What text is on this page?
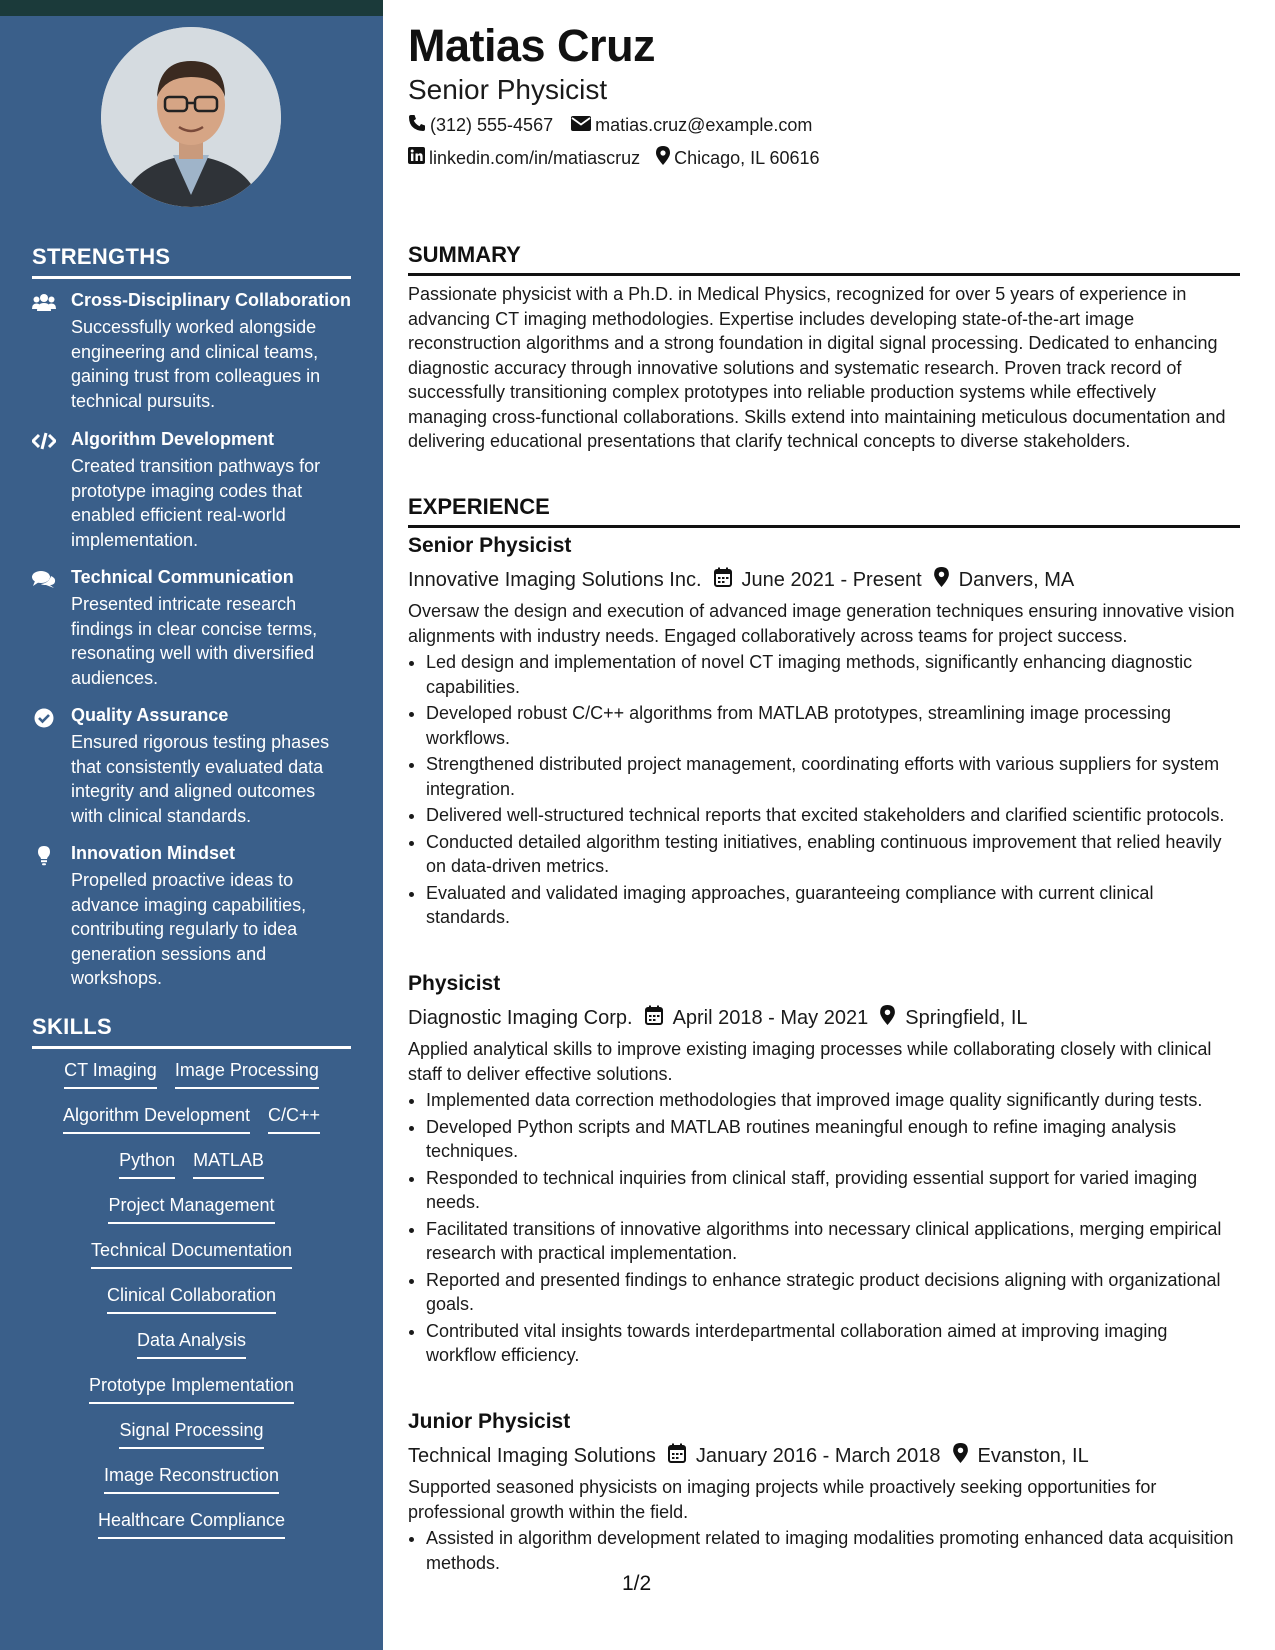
STRENGTHS
Cross-Disciplinary Collaboration
Successfully worked alongside engineering and clinical teams, gaining trust from colleagues in technical pursuits.
Algorithm Development
Created transition pathways for prototype imaging codes that enabled efficient real-world implementation.
Technical Communication
Presented intricate research findings in clear concise terms, resonating well with diversified audiences.
Quality Assurance
Ensured rigorous testing phases that consistently evaluated data integrity and aligned outcomes with clinical standards.
Innovation Mindset
Propelled proactive ideas to advance imaging capabilities, contributing regularly to idea generation sessions and workshops.
SKILLS
CT Imaging Image Processing
Algorithm Development C/C++
Python MATLAB
Project Management
Technical Documentation
Clinical Collaboration
Data Analysis
Prototype Implementation
Signal Processing
Image Reconstruction
Healthcare Compliance
Matias Cruz
Senior Physicist
(312) 555-4567 matias.cruz@example.com
linkedin.com/in/matiascruz Chicago, IL 60616
SUMMARY
Passionate physicist with a Ph.D. in Medical Physics, recognized for over 5 years of experience in advancing CT imaging methodologies. Expertise includes developing state-of-the-art image reconstruction algorithms and a strong foundation in digital signal processing. Dedicated to enhancing diagnostic accuracy through innovative solutions and systematic research. Proven track record of successfully transitioning complex prototypes into reliable production systems while effectively managing cross-functional collaborations. Skills extend into maintaining meticulous documentation and delivering educational presentations that clarify technical concepts to diverse stakeholders.
EXPERIENCE
Senior Physicist
Innovative Imaging Solutions Inc. June 2021 - Present Danvers, MA
Oversaw the design and execution of advanced image generation techniques ensuring innovative vision alignments with industry needs. Engaged collaboratively across teams for project success.
• Led design and implementation of novel CT imaging methods, significantly enhancing diagnostic capabilities.
• Developed robust C/C++ algorithms from MATLAB prototypes, streamlining image processing workflows.
• Strengthened distributed project management, coordinating efforts with various suppliers for system integration.
• Delivered well-structured technical reports that excited stakeholders and clarified scientific protocols.
• Conducted detailed algorithm testing initiatives, enabling continuous improvement that relied heavily on data-driven metrics.
• Evaluated and validated imaging approaches, guaranteeing compliance with current clinical standards.
Physicist
Diagnostic Imaging Corp. April 2018 - May 2021 Springfield, IL
Applied analytical skills to improve existing imaging processes while collaborating closely with clinical staff to deliver effective solutions.
• Implemented data correction methodologies that improved image quality significantly during tests.
• Developed Python scripts and MATLAB routines meaningful enough to refine imaging analysis techniques.
• Responded to technical inquiries from clinical staff, providing essential support for varied imaging needs.
• Facilitated transitions of innovative algorithms into necessary clinical applications, merging empirical research with practical implementation.
• Reported and presented findings to enhance strategic product decisions aligning with organizational goals.
• Contributed vital insights towards interdepartmental collaboration aimed at improving imaging workflow efficiency.
Junior Physicist
Technical Imaging Solutions January 2016 - March 2018 Evanston, IL
Supported seasoned physicists on imaging projects while proactively seeking opportunities for professional growth within the field.
• Assisted in algorithm development related to imaging modalities promoting enhanced data acquisition methods.
1/2
